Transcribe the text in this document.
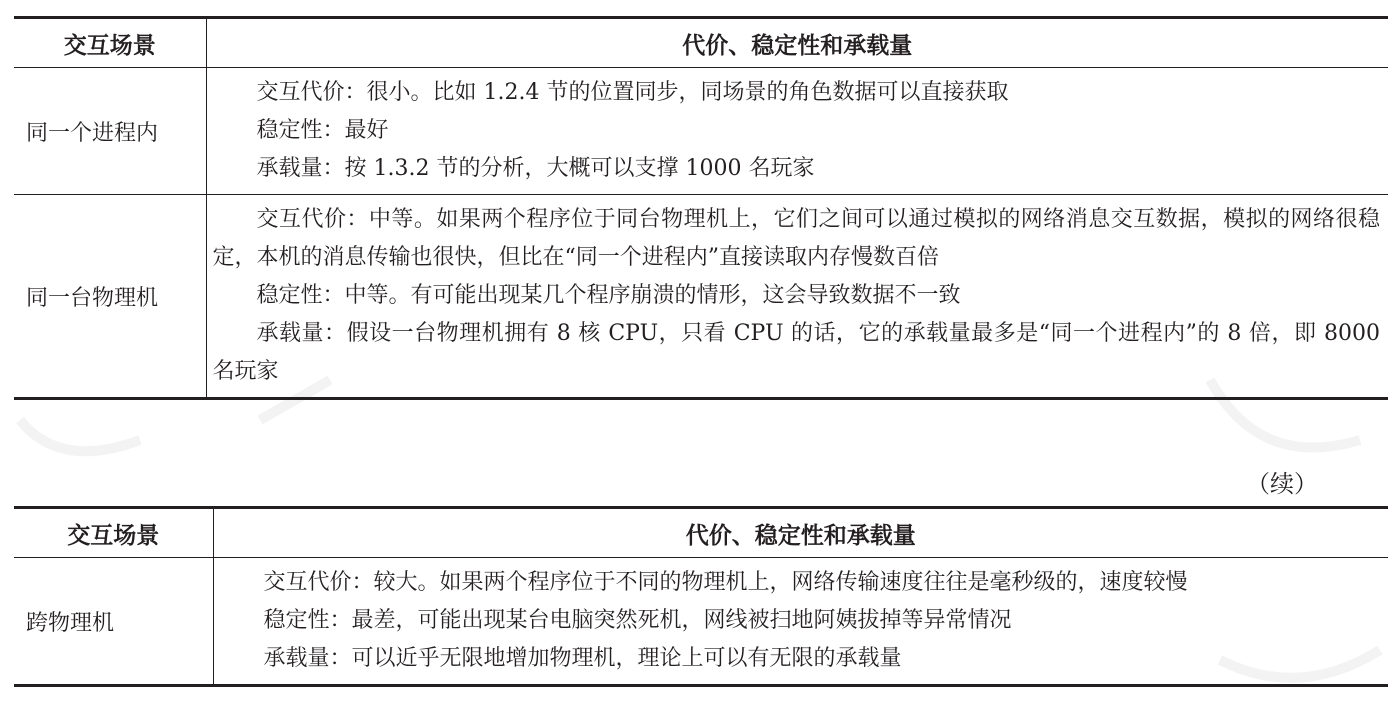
交互场景	代价、稳定性和承载量
同一个进程内	交互代价：很小。比如 1.2.4 节的位置同步，同场景的角色数据可以直接获取

稳定性：最好

承载量：按 1.3.2 节的分析，大概可以支撑 1000 名玩家

同一台物理机	交互代价：中等。如果两个程序位于同台物理机上，它们之间可以通过模拟的网络消息交互数据，模拟的网络很稳定，本机的消息传输也很快，但比在“同一个进程内”直接读取内存慢数百倍

稳定性：中等。有可能出现某几个程序崩溃的情形，这会导致数据不一致

承载量：假设一台物理机拥有 8 核 CPU，只看 CPU 的话，它的承载量最多是“同一个进程内”的 8 倍，即 8000 名玩家

（续）
交互场景	代价、稳定性和承载量
跨物理机	交互代价：较大。如果两个程序位于不同的物理机上，网络传输速度往往是毫秒级的，速度较慢

稳定性：最差，可能出现某台电脑突然死机，网线被扫地阿姨拔掉等异常情况

承载量：可以近乎无限地增加物理机，理论上可以有无限的承载量
